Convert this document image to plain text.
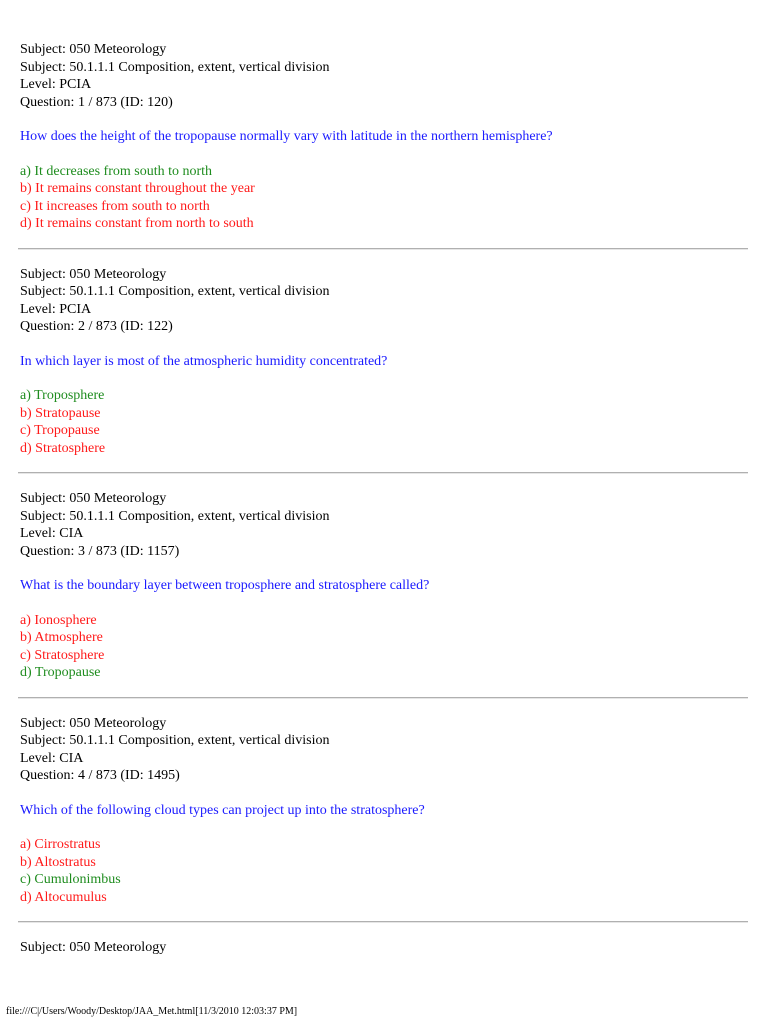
Subject: 050 Meteorology
Subject: 50.1.1.1 Composition, extent, vertical division
Level: PCIA
Question: 1 / 873 (ID: 120)
How does the height of the tropopause normally vary with latitude in the northern hemisphere?
a) It decreases from south to north
b) It remains constant throughout the year
c) It increases from south to north
d) It remains constant from north to south
Subject: 050 Meteorology
Subject: 50.1.1.1 Composition, extent, vertical division
Level: PCIA
Question: 2 / 873 (ID: 122)
In which layer is most of the atmospheric humidity concentrated?
a) Troposphere
b) Stratopause
c) Tropopause
d) Stratosphere
Subject: 050 Meteorology
Subject: 50.1.1.1 Composition, extent, vertical division
Level: CIA
Question: 3 / 873 (ID: 1157)
What is the boundary layer between troposphere and stratosphere called?
a) Ionosphere
b) Atmosphere
c) Stratosphere
d) Tropopause
Subject: 050 Meteorology
Subject: 50.1.1.1 Composition, extent, vertical division
Level: CIA
Question: 4 / 873 (ID: 1495)
Which of the following cloud types can project up into the stratosphere?
a) Cirrostratus
b) Altostratus
c) Cumulonimbus
d) Altocumulus
Subject: 050 Meteorology
file:///C|/Users/Woody/Desktop/JAA_Met.html[11/3/2010 12:03:37 PM]
